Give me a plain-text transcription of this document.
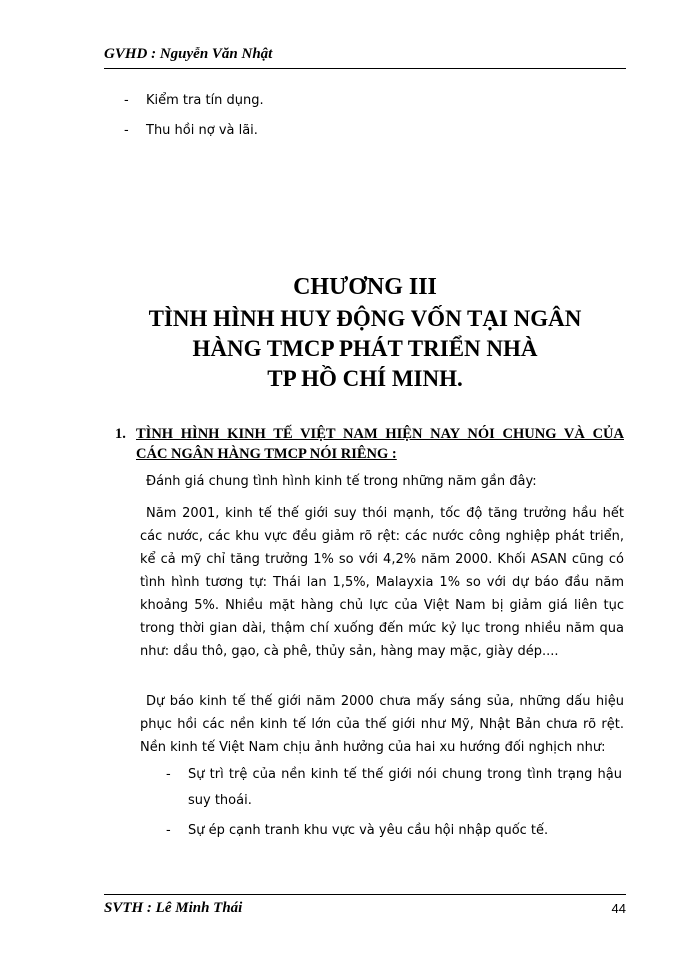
GVHD : Nguyễn Văn Nhật
- Kiểm tra tín dụng.
- Thu hồi nợ và lãi.
CHƯƠNG III
TÌNH HÌNH HUY ĐỘNG VỐN TẠI NGÂN
HÀNG TMCP PHÁT TRIỂN NHÀ
TP HỒ CHÍ MINH.
1. TÌNH HÌNH KINH TẾ VIỆT NAM HIỆN NAY NÓI CHUNG VÀ CỦA
CÁC NGÂN HÀNG TMCP NÓI RIÊNG :

Đánh giá chung tình hình kinh tế trong những năm gần đây:

Năm 2001, kinh tế thế giới suy thói mạnh, tốc độ tăng trưởng hầu hết các nước, các khu vực đều giảm rõ rệt: các nước công nghiệp phát triển, kể cả mỹ chỉ tăng trưởng 1% so với 4,2% năm 2000. Khối ASAN cũng có tình hình tương tự: Thái lan 1,5%, Malayxia 1% so với dự báo đầu năm khoảng 5%. Nhiều mặt hàng chủ lực của Việt Nam bị giảm giá liên tục trong thời gian dài, thậm chí xuống đến mức kỷ lục trong nhiều năm qua như: dầu thô, gạo, cà phê, thủy sản, hàng may mặc, giày dép....

Dự báo kinh tế thế giới năm 2000 chưa mấy sáng sủa, những dấu hiệu phục hồi các nền kinh tế lớn của thế giới như Mỹ, Nhật Bản chưa rõ rệt. Nền kinh tế Việt Nam chịu ảnh hưởng của hai xu hướng đối nghịch như:

- Sự trì trệ của nền kinh tế thế giới nói chung trong tình trạng hậu suy thoái.
- Sự ép cạnh tranh khu vực và yêu cầu hội nhập quốc tế.
SVTH : Lê Minh Thái	44
